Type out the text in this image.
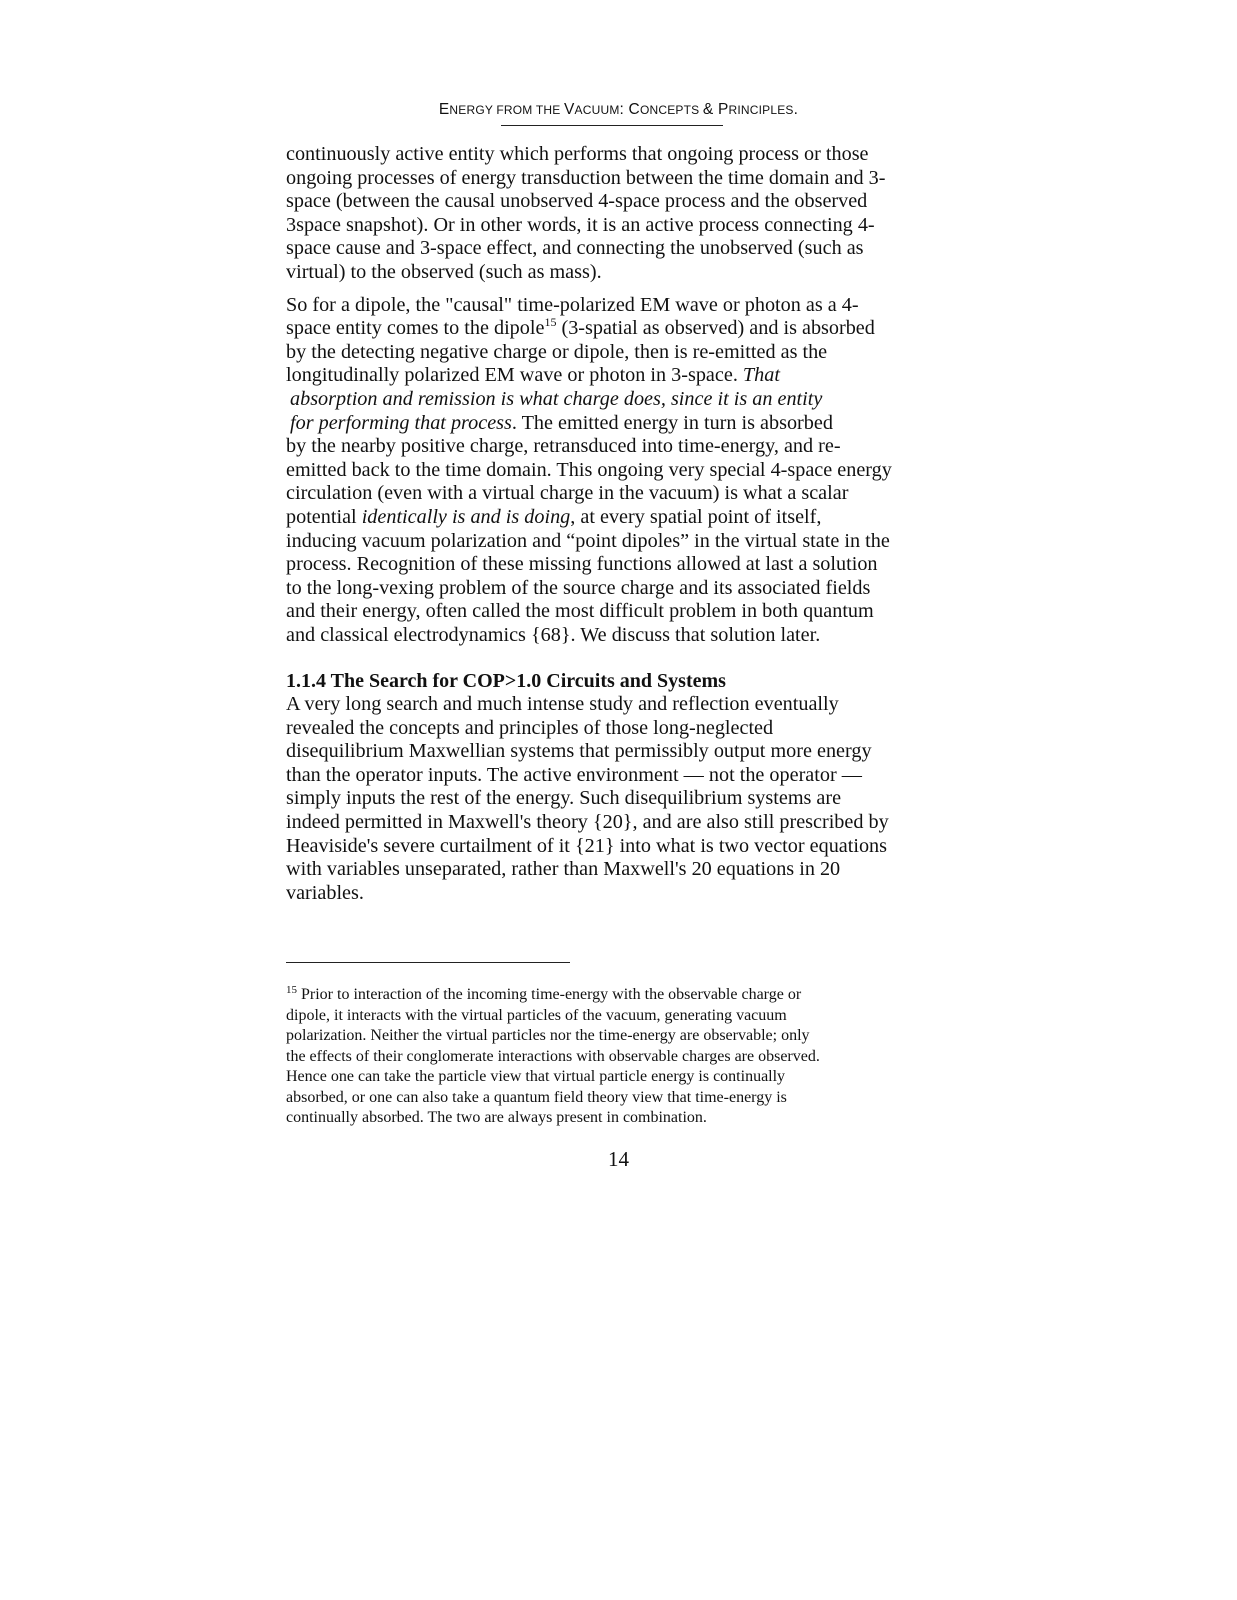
ENERGY FROM THE VACUUM: CONCEPTS & PRINCIPLES.

continuously active entity which performs that ongoing process or those
ongoing processes of energy transduction between the time domain and 3-
space (between the causal unobserved 4-space process and the observed
3space snapshot). Or in other words, it is an active process connecting 4-
space cause and 3-space effect, and connecting the unobserved (such as
virtual) to the observed (such as mass).

So for a dipole, the "causal" time-polarized EM wave or photon as a 4-
space entity comes to the dipole$^{15}$ (3-spatial as observed) and is absorbed
by the detecting negative charge or dipole, then is re-emitted as the
longitudinally polarized EM wave or photon in 3-space. That
absorption and remission is what charge does, since it is an entity
for performing that process. The emitted energy in turn is absorbed
by the nearby positive charge, retransduced into time-energy, and re-
emitted back to the time domain. This ongoing very special 4-space energy
circulation (even with a virtual charge in the vacuum) is what a scalar
potential identically is and is doing, at every spatial point of itself,
inducing vacuum polarization and “point dipoles” in the virtual state in the
process. Recognition of these missing functions allowed at last a solution
to the long-vexing problem of the source charge and its associated fields
and their energy, often called the most difficult problem in both quantum
and classical electrodynamics {68}. We discuss that solution later.

1.1.4 The Search for COP>1.0 Circuits and Systems
A very long search and much intense study and reflection eventually
revealed the concepts and principles of those long-neglected
disequilibrium Maxwellian systems that permissibly output more energy
than the operator inputs. The active environment — not the operator —
simply inputs the rest of the energy. Such disequilibrium systems are
indeed permitted in Maxwell's theory {20}, and are also still prescribed by
Heaviside's severe curtailment of it {21} into what is two vector equations
with variables unseparated, rather than Maxwell's 20 equations in 20
variables.
$^{15}$ Prior to interaction of the incoming time-energy with the observable charge or
dipole, it interacts with the virtual particles of the vacuum, generating vacuum
polarization. Neither the virtual particles nor the time-energy are observable; only
the effects of their conglomerate interactions with observable charges are observed.
Hence one can take the particle view that virtual particle energy is continually
absorbed, or one can also take a quantum field theory view that time-energy is
continually absorbed. The two are always present in combination.
14
